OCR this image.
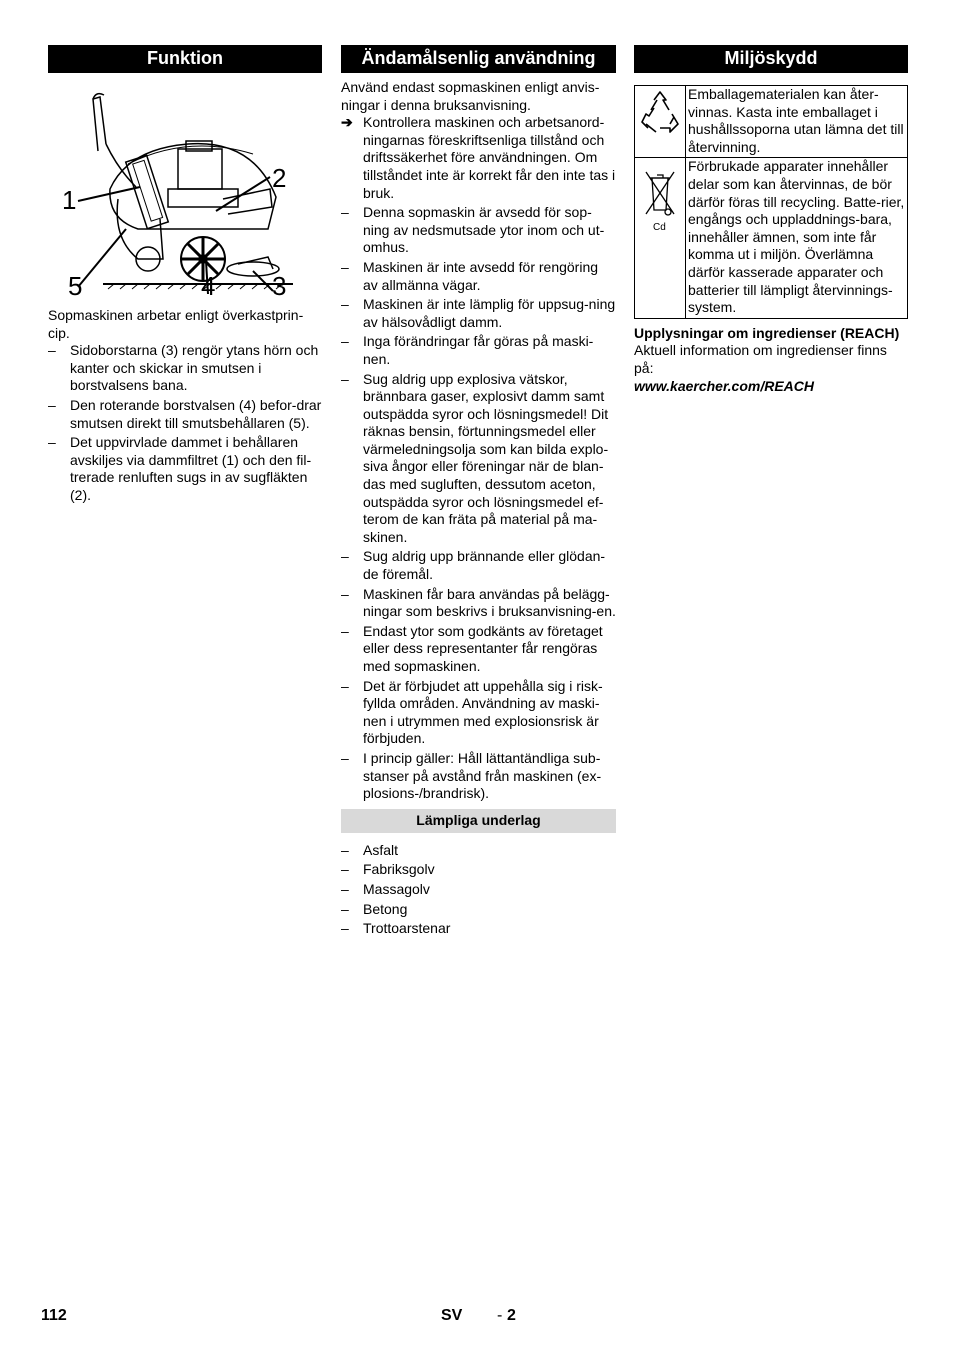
Funktion
1
2
3
4
5

Sopmaskinen arbetar enligt överkastprin-cip.

– Sidoborstarna (3) rengör ytans hörn och kanter och skickar in smutsen i borstvalsens bana.
– Den roterande borstvalsen (4) befor-drar smutsen direkt till smutsbehållaren (5).
– Det uppvirvlade dammet i behållaren avskiljes via dammfiltret (1) och den fil-trerade renluften sugs in av sugfläkten (2).
Ändamålsenlig användning

Använd endast sopmaskinen enligt anvis-ningar i denna bruksanvisning.

➔ Kontrollera maskinen och arbetsanord-ningarnas föreskriftsenliga tillstånd och driftssäkerhet före användningen. Om tillståndet inte är korrekt får den inte tas i bruk.
– Denna sopmaskin är avsedd för sop-ning av nedsmutsade ytor inom och ut-omhus.
– Maskinen är inte avsedd för rengöring av allmänna vägar.
– Maskinen är inte lämplig för uppsug-ning av hälsovådligt damm.
– Inga förändringar får göras på maski-nen.
– Sug aldrig upp explosiva vätskor, brännbara gaser, explosivt damm samt outspädda syror och lösningsmedel! Dit räknas bensin, förtunningsmedel eller värmeledningsolja som kan bilda explo-siva ångor eller föreningar när de blan-das med sugluften, dessutom aceton, outspädda syror och lösningsmedel ef-terom de kan fräta på material på ma-skinen.
– Sug aldrig upp brännande eller glödan-de föremål.
– Maskinen får bara användas på belägg-ningar som beskrivs i bruksanvisning-en.
– Endast ytor som godkänts av företaget eller dess representanter får rengöras med sopmaskinen.
– Det är förbjudet att uppehålla sig i risk-fyllda områden. Användning av maski-nen i utrymmen med explosionsrisk är förbjuden.
– I princip gäller: Håll lättantändliga sub-stanser på avstånd från maskinen (ex-plosions-/brandrisk).
Lämpliga underlag
– Asfalt
– Fabriksgolv
– Massagolv
– Betong
– Trottoarstenar
Miljöskydd
	Emballagematerialen kan åter-vinnas. Kasta inte emballaget i hushållssoporna utan lämna det till återvinning.

Cd	Förbrukade apparater innehåller delar som kan återvinnas, de bör därför föras till recycling. Batte-rier, engångs och uppladdnings-bara, innehåller ämnen, som inte får komma ut i miljön. Överlämna därför kasserade apparater och batterier till lämpligt återvinnings-system.

Upplysningar om ingredienser (REACH)

Aktuell information om ingredienser finns på:

www.kaercher.com/REACH

112	SV - 2
